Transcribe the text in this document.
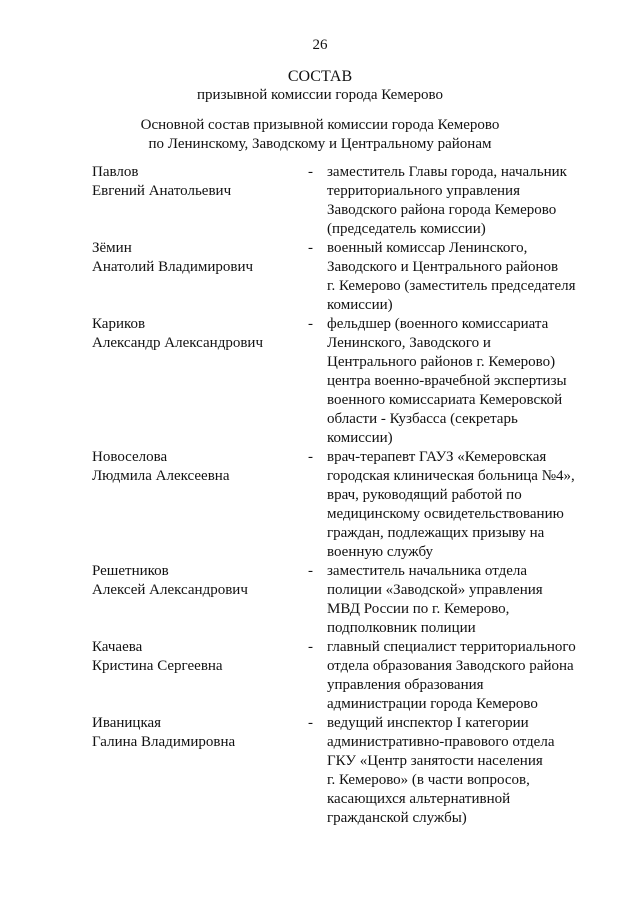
26
СОСТАВ
призывной комиссии города Кемерово
Основной состав призывной комиссии города Кемерово
по Ленинскому, Заводскому и Центральному районам
Павлов
Евгений Анатольевич
- заместитель Главы города, начальник
территориального управления
Заводского района города Кемерово
(председатель комиссии)
Зёмин
Анатолий Владимирович
- военный комиссар Ленинского,
Заводского и Центрального районов
г. Кемерово (заместитель председателя
комиссии)
Кариков
Александр Александрович
- фельдшер (военного комиссариата
Ленинского, Заводского и
Центрального районов г. Кемерово)
центра военно-врачебной экспертизы
военного комиссариата Кемеровской
области - Кузбасса (секретарь
комиссии)
Новоселова
Людмила Алексеевна
- врач-терапевт ГАУЗ «Кемеровская
городская клиническая больница №4»,
врач, руководящий работой по
медицинскому освидетельствованию
граждан, подлежащих призыву на
военную службу
Решетников
Алексей Александрович
- заместитель начальника отдела
полиции «Заводской» управления
МВД России по г. Кемерово,
подполковник полиции
Качаева
Кристина Сергеевна
- главный специалист территориального
отдела образования Заводского района
управления образования
администрации города Кемерово
Иваницкая
Галина Владимировна
- ведущий инспектор I категории
административно-правового отдела
ГКУ «Центр занятости населения
г. Кемерово» (в части вопросов,
касающихся альтернативной
гражданской службы)
